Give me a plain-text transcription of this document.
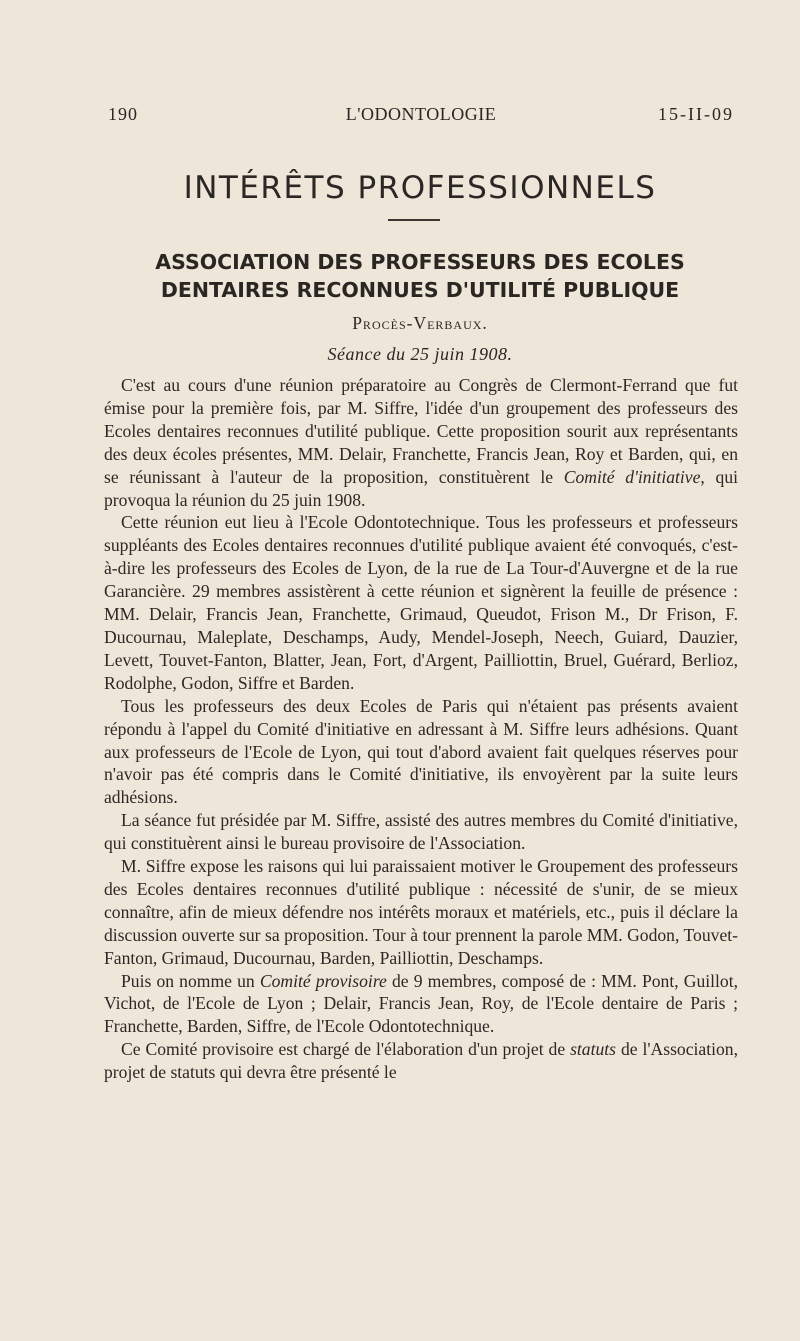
190	L'ODONTOLOGIE	15-II-09
INTÉRÊTS PROFESSIONNELS
ASSOCIATION DES PROFESSEURS DES ECOLES
DENTAIRES RECONNUES D'UTILITÉ PUBLIQUE
Procès-Verbaux.
Séance du 25 juin 1908.

C'est au cours d'une réunion préparatoire au Congrès de Clermont-Ferrand que fut émise pour la première fois, par M. Siffre, l'idée d'un groupement des professeurs des Ecoles dentaires reconnues d'utilité publique. Cette proposition sourit aux représentants des deux écoles présentes, MM. Delair, Franchette, Francis Jean, Roy et Barden, qui, en se réunissant à l'auteur de la proposition, constituèrent le Comité d'initiative, qui provoqua la réunion du 25 juin 1908.

Cette réunion eut lieu à l'Ecole Odontotechnique. Tous les professeurs et professeurs suppléants des Ecoles dentaires reconnues d'utilité publique avaient été convoqués, c'est-à-dire les professeurs des Ecoles de Lyon, de la rue de La Tour-d'Auvergne et de la rue Garancière. 29 membres assistèrent à cette réunion et signèrent la feuille de présence : MM. Delair, Francis Jean, Franchette, Grimaud, Queudot, Frison M., Dr Frison, F. Ducournau, Maleplate, Deschamps, Audy, Mendel-Joseph, Neech, Guiard, Dauzier, Levett, Touvet-Fanton, Blatter, Jean, Fort, d'Argent, Pailliottin, Bruel, Guérard, Berlioz, Rodolphe, Godon, Siffre et Barden.

Tous les professeurs des deux Ecoles de Paris qui n'étaient pas présents avaient répondu à l'appel du Comité d'initiative en adressant à M. Siffre leurs adhésions. Quant aux professeurs de l'Ecole de Lyon, qui tout d'abord avaient fait quelques réserves pour n'avoir pas été compris dans le Comité d'initiative, ils envoyèrent par la suite leurs adhésions.

La séance fut présidée par M. Siffre, assisté des autres membres du Comité d'initiative, qui constituèrent ainsi le bureau provisoire de l'Association.

M. Siffre expose les raisons qui lui paraissaient motiver le Groupement des professeurs des Ecoles dentaires reconnues d'utilité publique : nécessité de s'unir, de se mieux connaître, afin de mieux défendre nos intérêts moraux et matériels, etc., puis il déclare la discussion ouverte sur sa proposition. Tour à tour prennent la parole MM. Godon, Touvet-Fanton, Grimaud, Ducournau, Barden, Pailliottin, Deschamps.

Puis on nomme un Comité provisoire de 9 membres, composé de : MM. Pont, Guillot, Vichot, de l'Ecole de Lyon ; Delair, Francis Jean, Roy, de l'Ecole dentaire de Paris ; Franchette, Barden, Siffre, de l'Ecole Odontotechnique.

Ce Comité provisoire est chargé de l'élaboration d'un projet de statuts de l'Association, projet de statuts qui devra être présenté le
